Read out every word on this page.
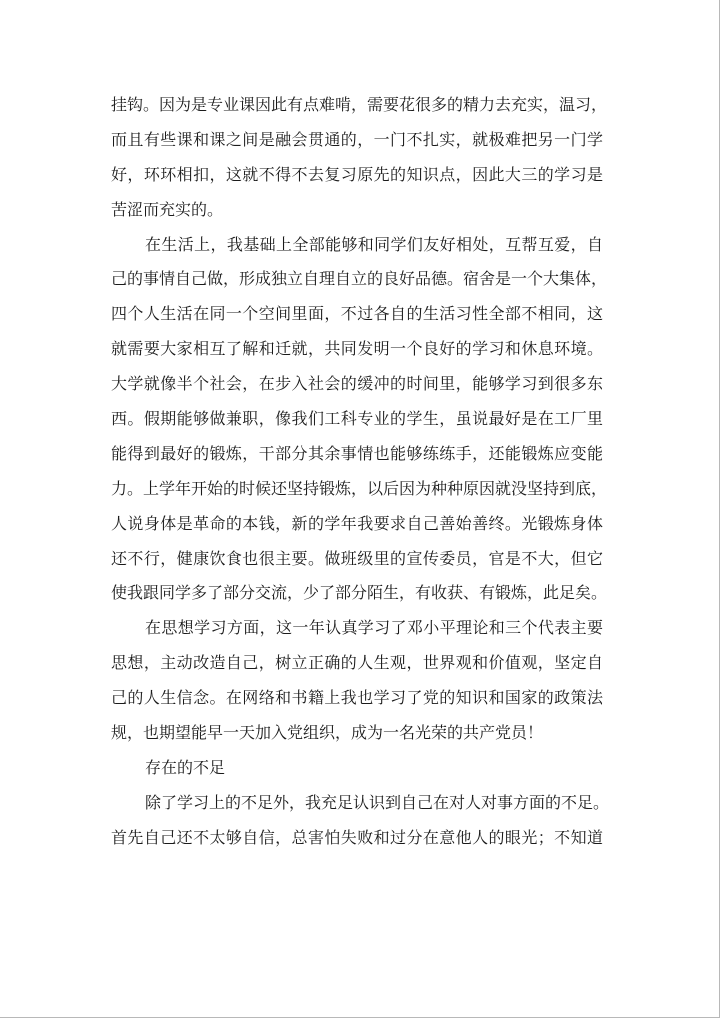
挂钩。因为是专业课因此有点难啃，需要花很多的精力去充实，温习，
而且有些课和课之间是融会贯通的，一门不扎实，就极难把另一门学
好，环环相扣，这就不得不去复习原先的知识点，因此大三的学习是
苦涩而充实的。
在生活上，我基础上全部能够和同学们友好相处，互帮互爱，自
己的事情自己做，形成独立自理自立的良好品德。宿舍是一个大集体，
四个人生活在同一个空间里面，不过各自的生活习性全部不相同，这
就需要大家相互了解和迁就，共同发明一个良好的学习和休息环境。
大学就像半个社会，在步入社会的缓冲的时间里，能够学习到很多东
西。假期能够做兼职，像我们工科专业的学生，虽说最好是在工厂里
能得到最好的锻炼，干部分其余事情也能够练练手，还能锻炼应变能
力。上学年开始的时候还坚持锻炼，以后因为种种原因就没坚持到底，
人说身体是革命的本钱，新的学年我要求自己善始善终。光锻炼身体
还不行，健康饮食也很主要。做班级里的宣传委员，官是不大，但它
使我跟同学多了部分交流，少了部分陌生，有收获、有锻炼，此足矣。
在思想学习方面，这一年认真学习了邓小平理论和三个代表主要
思想，主动改造自己，树立正确的人生观，世界观和价值观，坚定自
己的人生信念。在网络和书籍上我也学习了党的知识和国家的政策法
规，也期望能早一天加入党组织，成为一名光荣的共产党员！
存在的不足
除了学习上的不足外，我充足认识到自己在对人对事方面的不足。
首先自己还不太够自信，总害怕失败和过分在意他人的眼光；不知道
